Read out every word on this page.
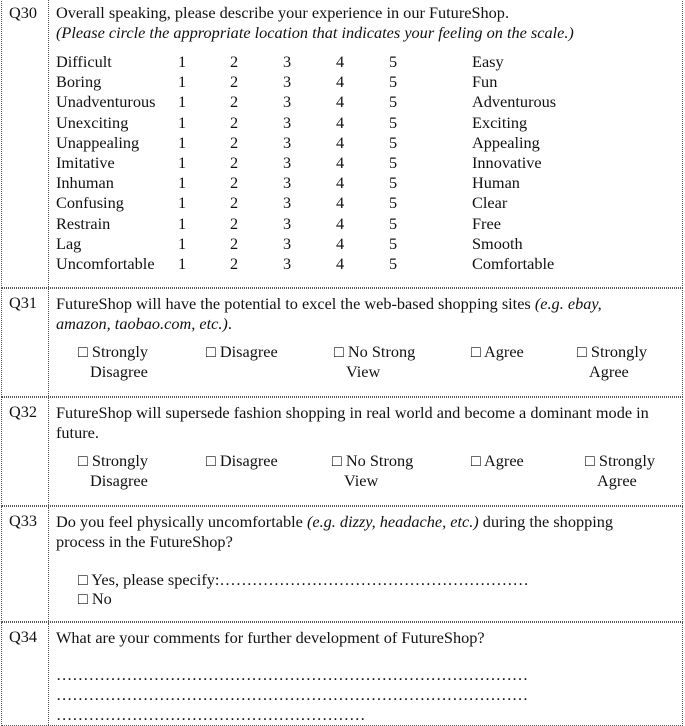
Q30 Overall speaking, please describe your experience in our FutureShop.
(Please circle the appropriate location that indicates your feeling on the scale.)
Difficult	1	2	3	4	5	Easy
Boring	1	2	3	4	5	Fun
Unadventurous 1	2	3	4	5	Adventurous
Unexciting	1	2	3	4	5	Exciting
Unappealing 1	2	3	4	5	Appealing
Imitative	1	2	3	4	5	Innovative
Inhuman	1	2	3	4	5	Human
Confusing	1	2	3	4	5	Clear
Restrain	1	2	3	4	5	Free
Lag	1	2	3	4	5	Smooth
Uncomfortable 1	2	3	4	5	Comfortable
Q31 FutureShop will have the potential to excel the web-based shopping sites (e.g. ebay,
amazon, taobao.com, etc.).
□ Strongly
Disagree
□ Disagree	□ No Strong
View
□ Agree	□ Strongly
Agree
Q32 FutureShop will supersede fashion shopping in real world and become a dominant mode in
future.
□ Strongly
Disagree
□ Disagree	□ No Strong
View
□ Agree	□ Strongly
Agree
Q33 Do you feel physically uncomfortable (e.g. dizzy, headache, etc.) during the shopping
process in the FutureShop?
□ Yes, please specify:…………………………………………………
□ No
Q34 What are your comments for further development of FutureShop?
……………………………………………………………………………
……………………………………………………………………………
…………………………………………………
